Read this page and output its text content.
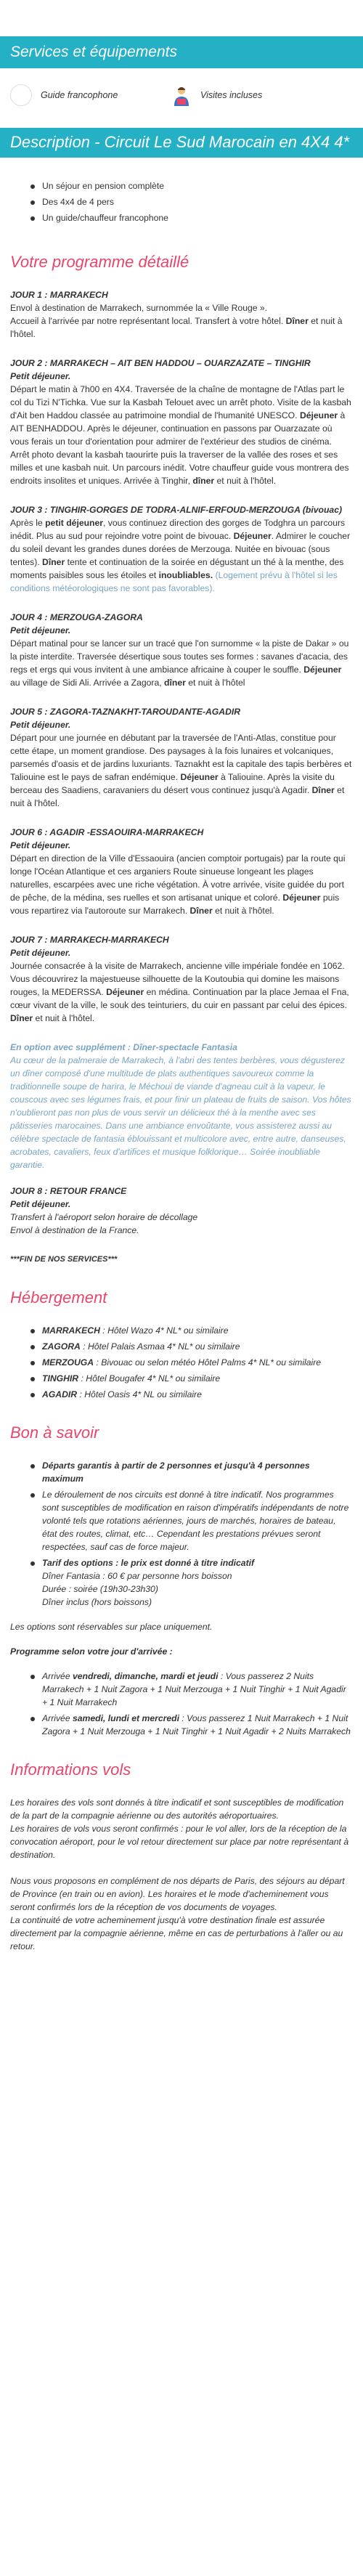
Services et équipements
Guide francophone	Visites incluses
Description - Circuit Le Sud Marocain en 4X4 4*
Un séjour en pension complète
Des 4x4 de 4 pers
Un guide/chauffeur francophone
Votre programme détaillé

JOUR 1 : MARRAKECH

Envol à destination de Marrakech, surnommée la « Ville Rouge ».

Accueil à l'arrivée par notre représentant local. Transfert à votre hôtel. Dîner et nuit à l'hôtel.

JOUR 2 : MARRAKECH – AIT BEN HADDOU – OUARZAZATE – TINGHIR

Petit déjeuner.

Départ le matin à 7h00 en 4X4. Traversée de la chaîne de montagne de l'Atlas part le col du Tizi N'Tichka. Vue sur la Kasbah Telouet avec un arrêt photo. Visite de la kasbah d'Ait ben Haddou classée au patrimoine mondial de l'humanité UNESCO. Déjeuner à AIT BENHADDOU. Après le déjeuner, continuation en passons par Ouarzazate où vous ferais un tour d'orientation pour admirer de l'extérieur des studios de cinéma.

Arrêt photo devant la kasbah taourirte puis la traverser de la vallée des roses et ses milles et une kasbah nuit. Un parcours inédit. Votre chauffeur guide vous montrera des endroits insolites et uniques. Arrivée à Tinghir, dîner et nuit à l'hôtel.

JOUR 3 : TINGHIR-GORGES DE TODRA-ALNIF-ERFOUD-MERZOUGA (bivouac)

Après le petit déjeuner, vous continuez direction des gorges de Todghra un parcours inédit. Plus au sud pour rejoindre votre point de bivouac. Déjeuner. Admirer le coucher du soleil devant les grandes dunes dorées de Merzouga. Nuitée en bivouac (sous tentes). Dîner tente et continuation de la soirée en dégustant un thé à la menthe, des moments paisibles sous les étoiles et inoubliables. (Logement prévu à l'hôtel si les conditions météorologiques ne sont pas favorables).

JOUR 4 : MERZOUGA-ZAGORA

Petit déjeuner.

Départ matinal pour se lancer sur un tracé que l'on surnomme « la piste de Dakar » ou la piste interdite. Traversée désertique sous toutes ses formes : savanes d'acacia, des regs et ergs qui vous invitent à une ambiance africaine à couper le souffle. Déjeuner au village de Sidi Ali. Arrivée a Zagora, dîner et nuit à l'hôtel

JOUR 5 : ZAGORA-TAZNAKHT-TAROUDANTE-AGADIR

Petit déjeuner.

Départ pour une journée en débutant par la traversée de l'Anti-Atlas, constitue pour cette étape, un moment grandiose. Des paysages à la fois lunaires et volcaniques, parsemés d'oasis et de jardins luxuriants. Taznakht est la capitale des tapis berbères et Taliouine est le pays de safran endémique. Déjeuner à Taliouine. Après la visite du berceau des Saadiens, caravaniers du désert vous continuez jusqu'à Agadir. Dîner et nuit à l'hôtel.

JOUR 6 : AGADIR -ESSAOUIRA-MARRAKECH

Petit déjeuner.

Départ en direction de la Ville d'Essaouira (ancien comptoir portugais) par la route qui longe l'Océan Atlantique et ces arganiers Route sinueuse longeant les plages naturelles, escarpées avec une riche végétation. À votre arrivée, visite guidée du port de pêche, de la médina, ses ruelles et son artisanat unique et coloré. Déjeuner puis vous repartirez via l'autoroute sur Marrakech. Dîner et nuit à l'hôtel.

JOUR 7 : MARRAKECH-MARRAKECH

Petit déjeuner.

Journée consacrée à la visite de Marrakech, ancienne ville impériale fondée en 1062. Vous découvrirez la majestueuse silhouette de la Koutoubia qui domine les maisons rouges, la MEDERSSA. Déjeuner en médina. Continuation par la place Jemaa el Fna, cœur vivant de la ville, le souk des teinturiers, du cuir en passant par celui des épices. Dîner et nuit à l'hôtel.

En option avec supplément : Dîner-spectacle Fantasia

Au cœur de la palmeraie de Marrakech, à l'abri des tentes berbères, vous dégusterez un dîner composé d'une multitude de plats authentiques savoureux comme la traditionnelle soupe de harira, le Méchoui de viande d'agneau cuit à la vapeur, le couscous avec ses légumes frais, et pour finir un plateau de fruits de saison. Vos hôtes n'oublieront pas non plus de vous servir un délicieux thé à la menthe avec ses pâtisseries marocaines. Dans une ambiance envoûtante, vous assisterez aussi au célèbre spectacle de fantasia éblouissant et multicolore avec, entre autre, danseuses, acrobates, cavaliers, feux d'artifices et musique folklorique… Soirée inoubliable garantie.

JOUR 8 : RETOUR FRANCE

Petit déjeuner.

Transfert à l'aéroport selon horaire de décollage

Envol à destination de la France.

***FIN DE NOS SERVICES***

Hébergement
MARRAKECH : Hôtel Wazo 4* NL* ou similaire
ZAGORA : Hôtel Palais Asmaa 4* NL* ou similaire
MERZOUGA : Bivouac ou selon météo Hôtel Palms 4* NL* ou similaire
TINGHIR : Hôtel Bougafer 4* NL* ou similaire
AGADIR : Hôtel Oasis 4* NL ou similaire
Bon à savoir
Départs garantis à partir de 2 personnes et jusqu'à 4 personnes maximum
Le déroulement de nos circuits est donné à titre indicatif. Nos programmes sont susceptibles de modification en raison d'impératifs indépendants de notre volonté tels que rotations aériennes, jours de marchés, horaires de bateau, état des routes, climat, etc… Cependant les prestations prévues seront respectées, sauf cas de force majeur.
Tarif des options : le prix est donné à titre indicatif
Dîner Fantasia : 60 € par personne hors boisson
Durée : soirée (19h30-23h30)
Dîner inclus (hors boissons)

Les options sont réservables sur place uniquement.

Programme selon votre jour d'arrivée :

Arrivée vendredi, dimanche, mardi et jeudi : Vous passerez 2 Nuits Marrakech + 1 Nuit Zagora + 1 Nuit Merzouga + 1 Nuit Tinghir + 1 Nuit Agadir + 1 Nuit Marrakech
Arrivée samedi, lundi et mercredi : Vous passerez 1 Nuit Marrakech + 1 Nuit Zagora + 1 Nuit Merzouga + 1 Nuit Tinghir + 1 Nuit Agadir + 2 Nuits Marrakech
Informations vols

Les horaires des vols sont donnés à titre indicatif et sont susceptibles de modification de la part de la compagnie aérienne ou des autorités aéroportuaires.

Les horaires de vols vous seront confirmés : pour le vol aller, lors de la réception de la convocation aéroport, pour le vol retour directement sur place par notre représentant à destination.

Nous vous proposons en complément de nos départs de Paris, des séjours au départ de Province (en train ou en avion). Les horaires et le mode d'acheminement vous seront confirmés lors de la réception de vos documents de voyages.

La continuité de votre acheminement jusqu'à votre destination finale est assurée directement par la compagnie aérienne, même en cas de perturbations à l'aller ou au retour.
